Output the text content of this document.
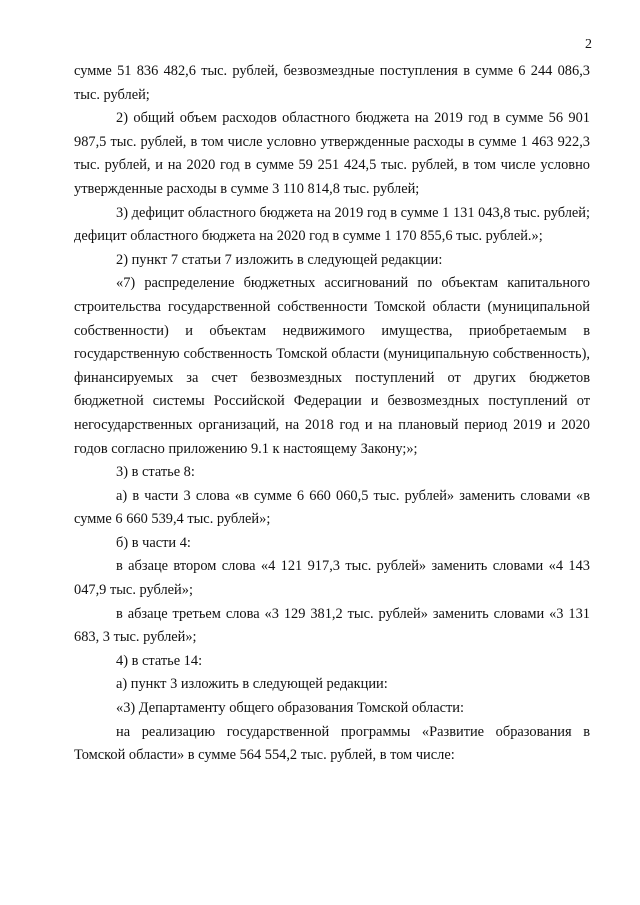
2

сумме 51 836 482,6 тыс. рублей, безвозмездные поступления в сумме 6 244 086,3 тыс. рублей;

2) общий объем расходов областного бюджета на 2019 год в сумме 56 901 987,5 тыс. рублей, в том числе условно утвержденные расходы в сумме 1 463 922,3 тыс. рублей, и на 2020 год в сумме 59 251 424,5 тыс. рублей, в том числе условно утвержденные расходы в сумме 3 110 814,8 тыс. рублей;

3) дефицит областного бюджета на 2019 год в сумме 1 131 043,8 тыс. рублей; дефицит областного бюджета на 2020 год в сумме 1 170 855,6 тыс. рублей.»;

2) пункт 7 статьи 7 изложить в следующей редакции:

«7) распределение бюджетных ассигнований по объектам капитального строительства государственной собственности Томской области (муниципальной собственности) и объектам недвижимого имущества, приобретаемым в государственную собственность Томской области (муниципальную собственность), финансируемых за счет безвозмездных поступлений от других бюджетов бюджетной системы Российской Федерации и безвозмездных поступлений от негосударственных организаций, на 2018 год и на плановый период 2019 и 2020 годов согласно приложению 9.1 к настоящему Закону;»;

3) в статье 8:

а) в части 3 слова «в сумме 6 660 060,5 тыс. рублей» заменить словами «в сумме 6 660 539,4 тыс. рублей»;

б) в части 4:

в абзаце втором слова «4 121 917,3 тыс. рублей» заменить словами «4 143 047,9 тыс. рублей»;

в абзаце третьем слова «3 129 381,2 тыс. рублей» заменить словами «3 131 683, 3 тыс. рублей»;

4) в статье 14:

а) пункт 3 изложить в следующей редакции:

«3) Департаменту общего образования Томской области:

на реализацию государственной программы «Развитие образования в Томской области» в сумме 564 554,2 тыс. рублей, в том числе:
